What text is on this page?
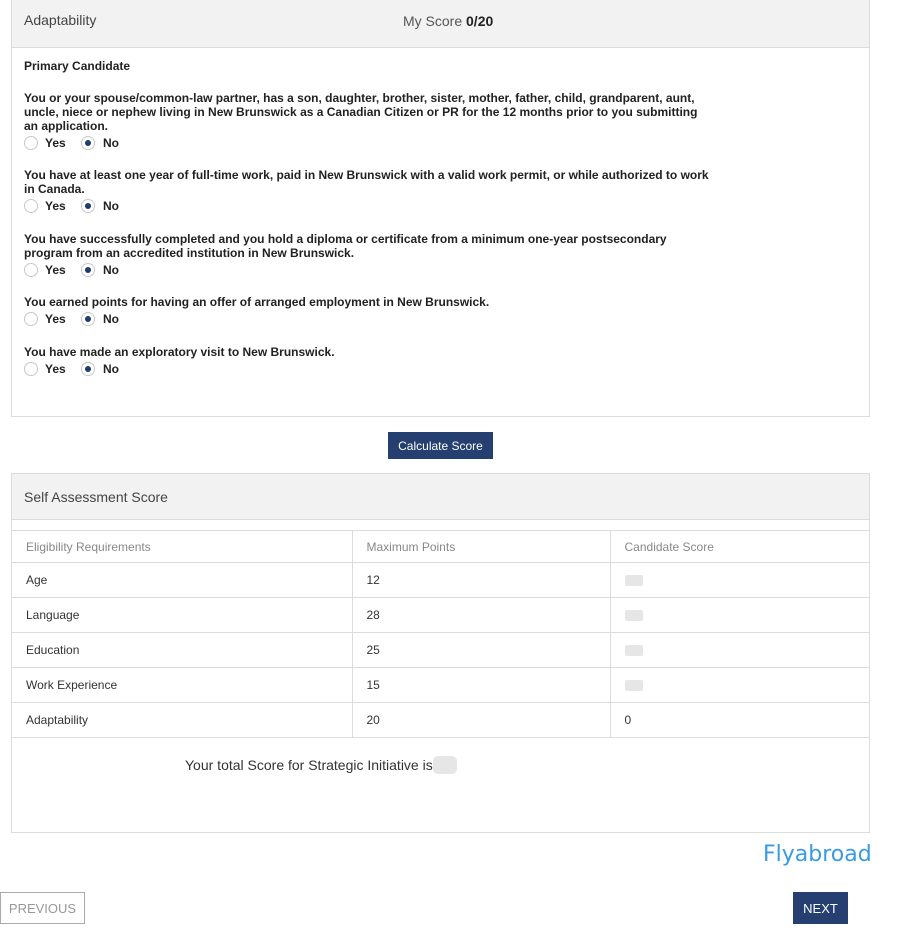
Adaptability	My Score 0/20
Primary Candidate
You or your spouse/common-law partner, has a son, daughter, brother, sister, mother, father, child, grandparent, aunt, uncle, niece or nephew living in New Brunswick as a Canadian Citizen or PR for the 12 months prior to you submitting an application.
Yes	No
You have at least one year of full-time work, paid in New Brunswick with a valid work permit, or while authorized to work in Canada.
Yes	No
You have successfully completed and you hold a diploma or certificate from a minimum one-year postsecondary program from an accredited institution in New Brunswick.
Yes	No
You earned points for having an offer of arranged employment in New Brunswick.
Yes	No
You have made an exploratory visit to New Brunswick.
Yes	No
Calculate Score
Self Assessment Score
Eligibility Requirements	Maximum Points	Candidate Score
Age	12	
Language	28	
Education	25	
Work Experience	15	
Adaptability	20	0
Your total Score for Strategic Initiative is
Flyabroad
PREVIOUS	NEXT
